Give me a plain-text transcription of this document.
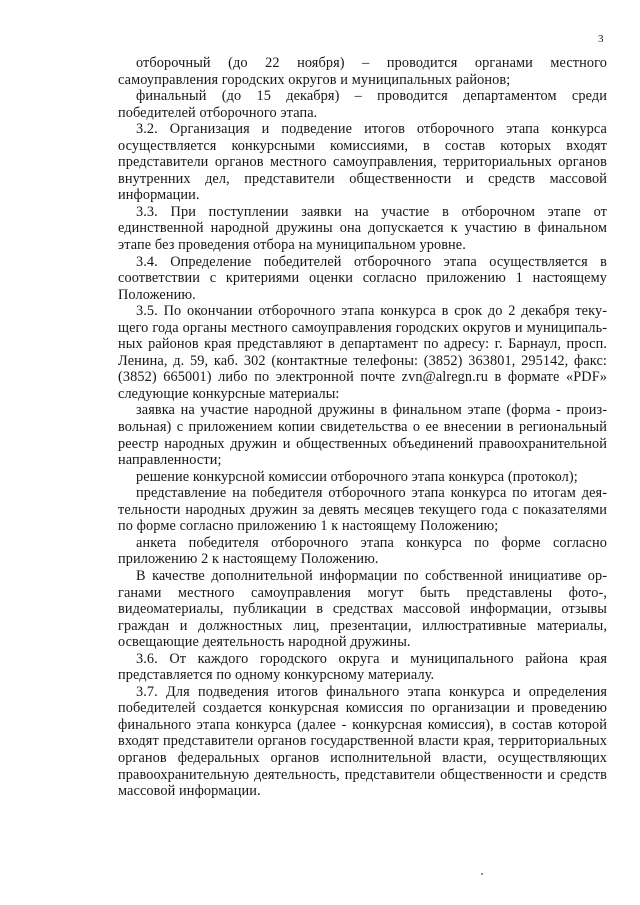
3

отборочный (до 22 ноября) – проводится органами местного самоуправления городских округов и муниципальных районов;

финальный (до 15 декабря) – проводится департаментом среди победителей отборочного этапа.

3.2. Организация и подведение итогов отборочного этапа конкурса осуществляется конкурсными комиссиями, в состав которых входят представители органов местного самоуправления, территориальных органов внутренних дел, представители общественности и средств массовой информации.

3.3. При поступлении заявки на участие в отборочном этапе от единственной народной дружины она допускается к участию в финальном этапе без проведения отбора на муниципальном уровне.

3.4. Определение победителей отборочного этапа осуществляется в соответствии с критериями оценки согласно приложению 1 настоящему Положению.

3.5. По окончании отборочного этапа конкурса в срок до 2 декабря текущего года органы местного самоуправления городских округов и муниципальных районов края представляют в департамент по адресу: г. Барнаул, просп. Ленина, д. 59, каб. 302 (контактные телефоны: (3852) 363801, 295142, факс: (3852) 665001) либо по электронной почте zvn@alregn.ru в формате «PDF» следующие конкурсные материалы:

заявка на участие народной дружины в финальном этапе (форма - произвольная) с приложением копии свидетельства о ее внесении в региональный реестр народных дружин и общественных объединений правоохранительной направленности;

решение конкурсной комиссии отборочного этапа конкурса (протокол);

представление на победителя отборочного этапа конкурса по итогам деятельности народных дружин за девять месяцев текущего года с показателями по форме согласно приложению 1 к настоящему Положению;

анкета победителя отборочного этапа конкурса по форме согласно приложению 2 к настоящему Положению.

В качестве дополнительной информации по собственной инициативе органами местного самоуправления могут быть представлены фото-, видеоматериалы, публикации в средствах массовой информации, отзывы граждан и должностных лиц, презентации, иллюстративные материалы, освещающие деятельность народной дружины.

3.6. От каждого городского округа и муниципального района края представляется по одному конкурсному материалу.

3.7. Для подведения итогов финального этапа конкурса и определения победителей создается конкурсная комиссия по организации и проведению финального этапа конкурса (далее - конкурсная комиссия), в состав которой входят представители органов государственной власти края, территориальных органов федеральных органов исполнительной власти, осуществляющих правоохранительную деятельность, представители общественности и средств массовой информации.
